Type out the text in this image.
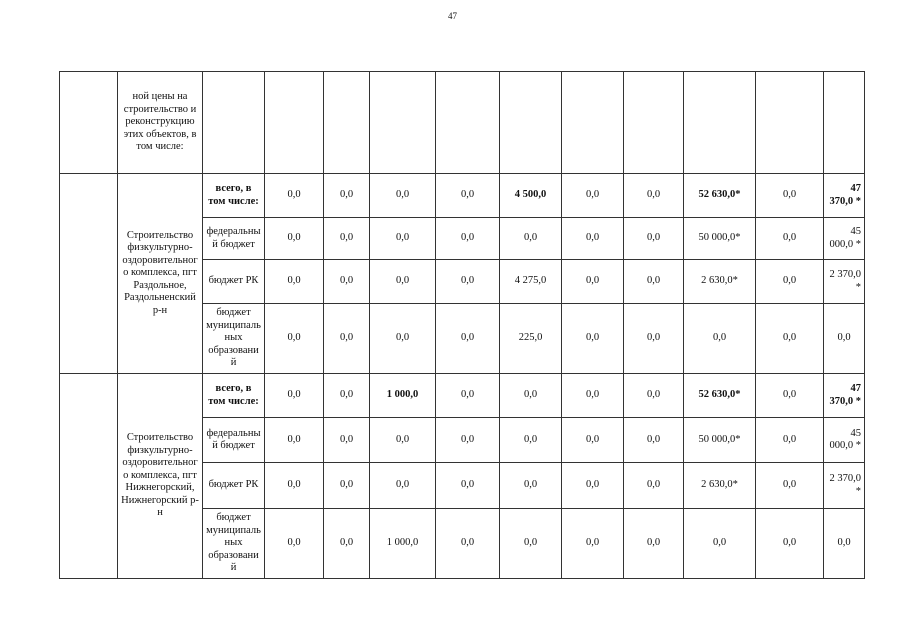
47
	ной цены на строительство и реконструкцию этих объектов, в том числе:											
	Строительство физкультурно-оздоровительного комплекса, пгт Раздольное, Раздольненский р-н	всего, в том числе:	0,0	0,0	0,0	0,0	4 500,0	0,0	0,0	52 630,0*	0,0	47 370,0 *
		федеральный бюджет	0,0	0,0	0,0	0,0	0,0	0,0	0,0	50 000,0*	0,0	45 000,0 *
		бюджет РК	0,0	0,0	0,0	0,0	4 275,0	0,0	0,0	2 630,0*	0,0	2 370,0 *
		бюджет муниципальных образований	0,0	0,0	0,0	0,0	225,0	0,0	0,0	0,0	0,0	0,0
	Строительство физкультурно-оздоровительного комплекса, пгт Нижнегорский, Нижнегорский р-н	всего, в том числе:	0,0	0,0	1 000,0	0,0	0,0	0,0	0,0	52 630,0*	0,0	47 370,0 *
		федеральный бюджет	0,0	0,0	0,0	0,0	0,0	0,0	0,0	50 000,0*	0,0	45 000,0 *
		бюджет РК	0,0	0,0	0,0	0,0	0,0	0,0	0,0	2 630,0*	0,0	2 370,0 *
		бюджет муниципальных образований	0,0	0,0	1 000,0	0,0	0,0	0,0	0,0	0,0	0,0	0,0
